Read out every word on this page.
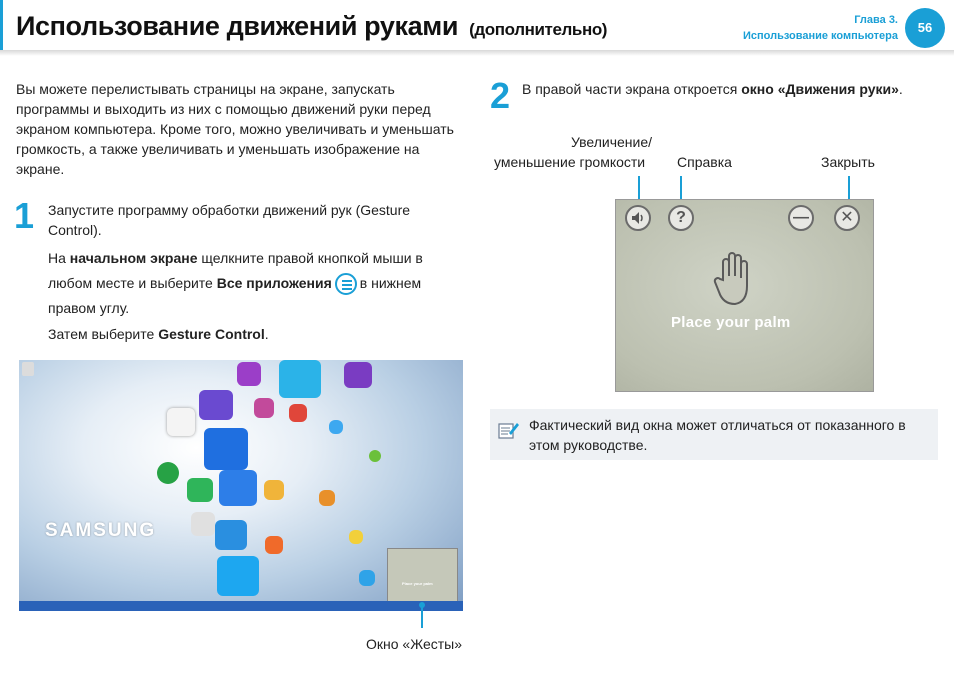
Использование движений руками (дополнительно)	Глава 3.
Использование компьютера
56
Вы можете перелистывать страницы на экране, запускать программы и выходить из них с помощью движений руки перед экраном компьютера. Кроме того, можно увеличивать и уменьшать громкость, а также увеличивать и уменьшать изображение на экране.
1 Запустите программу обработки движений рук (Gesture Control).
На начальном экране щелкните правой кнопкой мыши в любом месте и выберите Все приложения в нижнем правом углу.
Затем выберите Gesture Control.
SAMSUNG
Place your palm
Окно «Жесты»
2 В правой части экрана откроется окно «Движения руки».
Увеличение/
уменьшение громкости Справка	Закрыть
?	—	✕
Place your palm
Фактический вид окна может отличаться от показанного в этом руководстве.
